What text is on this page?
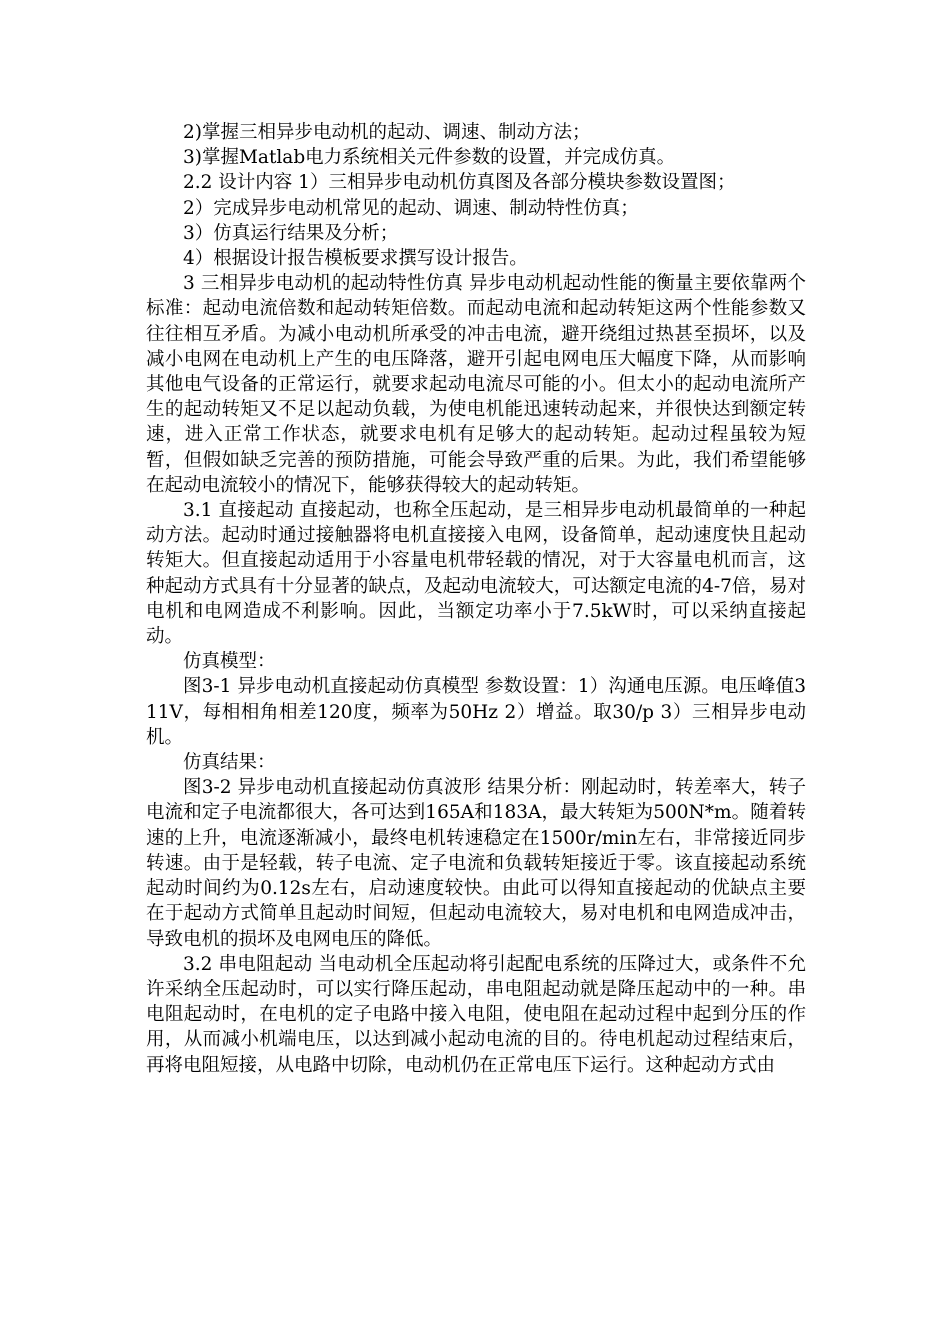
2)掌握三相异步电动机的起动、调速、制动方法；

3)掌握Matlab电力系统相关元件参数的设置，并完成仿真。

2.2 设计内容 1）三相异步电动机仿真图及各部分模块参数设置图；

2）完成异步电动机常见的起动、调速、制动特性仿真；

3）仿真运行结果及分析；

4）根据设计报告模板要求撰写设计报告。

3 三相异步电动机的起动特性仿真 异步电动机起动性能的衡量主要依靠两个标准：起动电流倍数和起动转矩倍数。而起动电流和起动转矩这两个性能参数又往往相互矛盾。为减小电动机所承受的冲击电流，避开绕组过热甚至损坏，以及减小电网在电动机上产生的电压降落，避开引起电网电压大幅度下降，从而影响其他电气设备的正常运行，就要求起动电流尽可能的小。但太小的起动电流所产生的起动转矩又不足以起动负载，为使电机能迅速转动起来，并很快达到额定转速，进入正常工作状态，就要求电机有足够大的起动转矩。起动过程虽较为短暂，但假如缺乏完善的预防措施，可能会导致严重的后果。为此，我们希望能够在起动电流较小的情况下，能够获得较大的起动转矩。

3.1 直接起动 直接起动，也称全压起动，是三相异步电动机最简单的一种起动方法。起动时通过接触器将电机直接接入电网，设备简单，起动速度快且起动转矩大。但直接起动适用于小容量电机带轻载的情况，对于大容量电机而言，这种起动方式具有十分显著的缺点，及起动电流较大，可达额定电流的4-7倍，易对电机和电网造成不利影响。因此，当额定功率小于7.5kW时，可以采纳直接起动。

仿真模型：

图3-1 异步电动机直接起动仿真模型 参数设置：1）沟通电压源。电压峰值311V，每相相角相差120度，频率为50Hz 2）增益。取30/p 3）三相异步电动机。

仿真结果：

图3-2 异步电动机直接起动仿真波形 结果分析：刚起动时，转差率大，转子电流和定子电流都很大，各可达到165A和183A，最大转矩为500N*m。随着转速的上升，电流逐渐减小，最终电机转速稳定在1500r/min左右，非常接近同步转速。由于是轻载，转子电流、定子电流和负载转矩接近于零。该直接起动系统起动时间约为0.12s左右，启动速度较快。由此可以得知直接起动的优缺点主要在于起动方式简单且起动时间短，但起动电流较大，易对电机和电网造成冲击，导致电机的损坏及电网电压的降低。

3.2 串电阻起动 当电动机全压起动将引起配电系统的压降过大，或条件不允许采纳全压起动时，可以实行降压起动，串电阻起动就是降压起动中的一种。串电阻起动时，在电机的定子电路中接入电阻，使电阻在起动过程中起到分压的作用，从而减小机端电压，以达到减小起动电流的目的。待电机起动过程结束后，再将电阻短接，从电路中切除，电动机仍在正常电压下运行。这种起动方式由
